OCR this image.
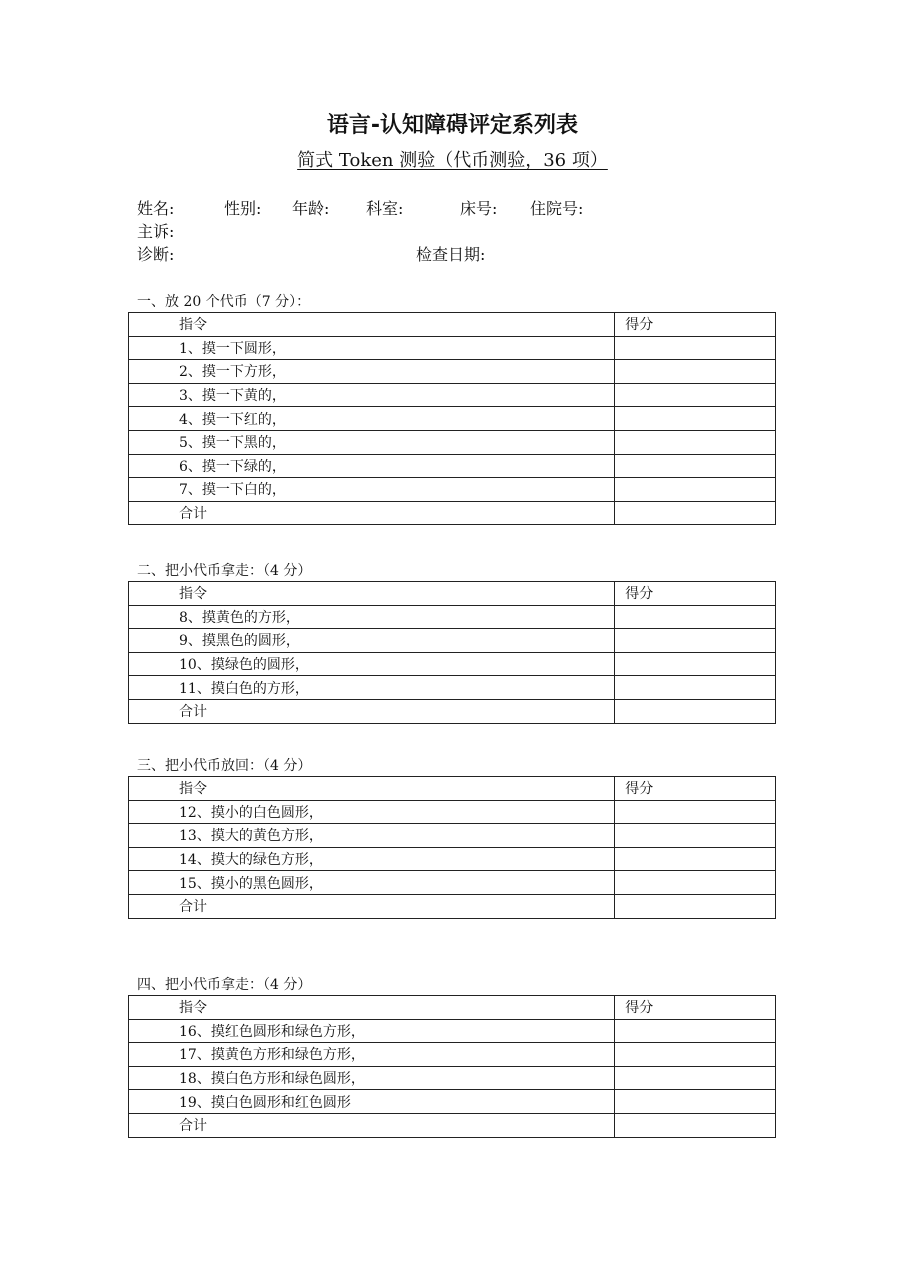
语言-认知障碍评定系列表
简式 Token 测验（代币测验，36 项）
姓名:	性别: 年龄: 科室:	床号: 住院号:
主诉:
诊断:	检查日期:
一、放 20 个代币（7 分）：
指令	得分
1、摸一下圆形，	
2、摸一下方形，	
3、摸一下黄的，	
4、摸一下红的，	
5、摸一下黑的，	
6、摸一下绿的，	
7、摸一下白的，	
合计	
二、把小代币拿走：（4 分）
指令	得分
8、摸黄色的方形，	
9、摸黑色的圆形，	
10、摸绿色的圆形，	
11、摸白色的方形，	
合计	
三、把小代币放回：（4 分）
指令	得分
12、摸小的白色圆形，	
13、摸大的黄色方形，	
14、摸大的绿色方形，	
15、摸小的黑色圆形，	
合计	
四、把小代币拿走：（4 分）
指令	得分
16、摸红色圆形和绿色方形，	
17、摸黄色方形和绿色方形，	
18、摸白色方形和绿色圆形，	
19、摸白色圆形和红色圆形	
合计	
